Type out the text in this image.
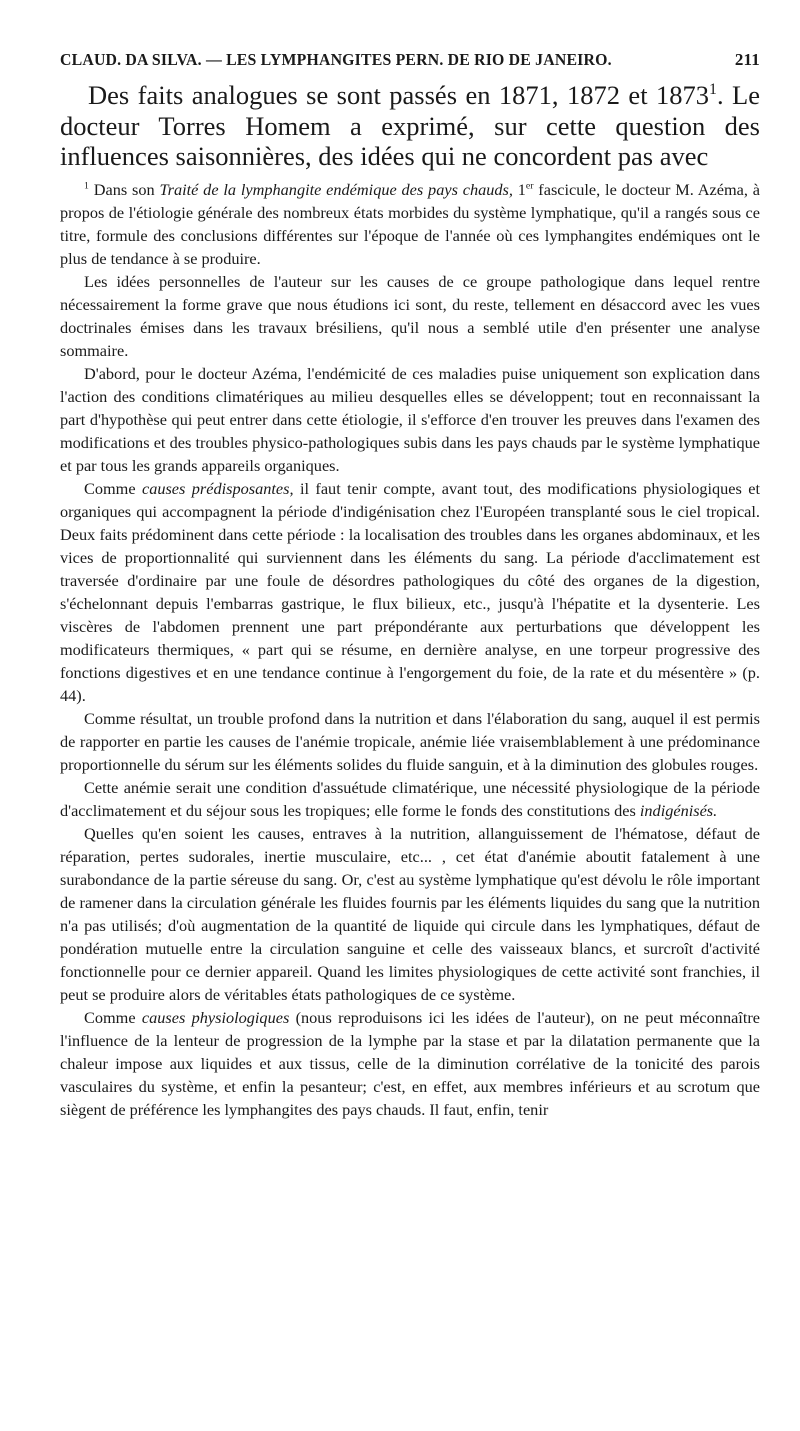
CLAUD. DA SILVA. — LES LYMPHANGITES PERN. DE RIO DE JANEIRO.	211

Des faits analogues se sont passés en 1871, 1872 et 1873$^1$. Le docteur Torres Homem a exprimé, sur cette question des influences saisonnières, des idées qui ne concordent pas avec

$^1$ Dans son Traité de la lymphangite endémique des pays chauds, 1er fascicule, le docteur M. Azéma, à propos de l'étiologie générale des nombreux états morbides du système lymphatique, qu'il a rangés sous ce titre, formule des conclusions différentes sur l'époque de l'année où ces lymphangites endémiques ont le plus de tendance à se produire.

Les idées personnelles de l'auteur sur les causes de ce groupe pathologique dans lequel rentre nécessairement la forme grave que nous étudions ici sont, du reste, tellement en désaccord avec les vues doctrinales émises dans les travaux brésiliens, qu'il nous a semblé utile d'en présenter une analyse sommaire.

D'abord, pour le docteur Azéma, l'endémicité de ces maladies puise uniquement son explication dans l'action des conditions climatériques au milieu desquelles elles se développent; tout en reconnaissant la part d'hypothèse qui peut entrer dans cette étiologie, il s'efforce d'en trouver les preuves dans l'examen des modifications et des troubles physico-pathologiques subis dans les pays chauds par le système lymphatique et par tous les grands appareils organiques.

Comme causes prédisposantes, il faut tenir compte, avant tout, des modifications physiologiques et organiques qui accompagnent la période d'indigénisation chez l'Européen transplanté sous le ciel tropical. Deux faits prédominent dans cette période : la localisation des troubles dans les organes abdominaux, et les vices de proportionnalité qui surviennent dans les éléments du sang. La période d'acclimatement est traversée d'ordinaire par une foule de désordres pathologiques du côté des organes de la digestion, s'échelonnant depuis l'embarras gastrique, le flux bilieux, etc., jusqu'à l'hépatite et la dysenterie. Les viscères de l'abdomen prennent une part prépondérante aux perturbations que développent les modificateurs thermiques, « part qui se résume, en dernière analyse, en une torpeur progressive des fonctions digestives et en une tendance continue à l'engorgement du foie, de la rate et du mésentère » (p. 44).

Comme résultat, un trouble profond dans la nutrition et dans l'élaboration du sang, auquel il est permis de rapporter en partie les causes de l'anémie tropicale, anémie liée vraisemblablement à une prédominance proportionnelle du sérum sur les éléments solides du fluide sanguin, et à la diminution des globules rouges.

Cette anémie serait une condition d'assuétude climatérique, une nécessité physiologique de la période d'acclimatement et du séjour sous les tropiques; elle forme le fonds des constitutions des indigénisés.

Quelles qu'en soient les causes, entraves à la nutrition, allanguissement de l'hématose, défaut de réparation, pertes sudorales, inertie musculaire, etc... , cet état d'anémie aboutit fatalement à une surabondance de la partie séreuse du sang. Or, c'est au système lymphatique qu'est dévolu le rôle important de ramener dans la circulation générale les fluides fournis par les éléments liquides du sang que la nutrition n'a pas utilisés; d'où augmentation de la quantité de liquide qui circule dans les lymphatiques, défaut de pondération mutuelle entre la circulation sanguine et celle des vaisseaux blancs, et surcroît d'activité fonctionnelle pour ce dernier appareil. Quand les limites physiologiques de cette activité sont franchies, il peut se produire alors de véritables états pathologiques de ce système.

Comme causes physiologiques (nous reproduisons ici les idées de l'auteur), on ne peut méconnaître l'influence de la lenteur de progression de la lymphe par la stase et par la dilatation permanente que la chaleur impose aux liquides et aux tissus, celle de la diminution corrélative de la tonicité des parois vasculaires du système, et enfin la pesanteur; c'est, en effet, aux membres inférieurs et au scrotum que siègent de préférence les lymphangites des pays chauds. Il faut, enfin, tenir
